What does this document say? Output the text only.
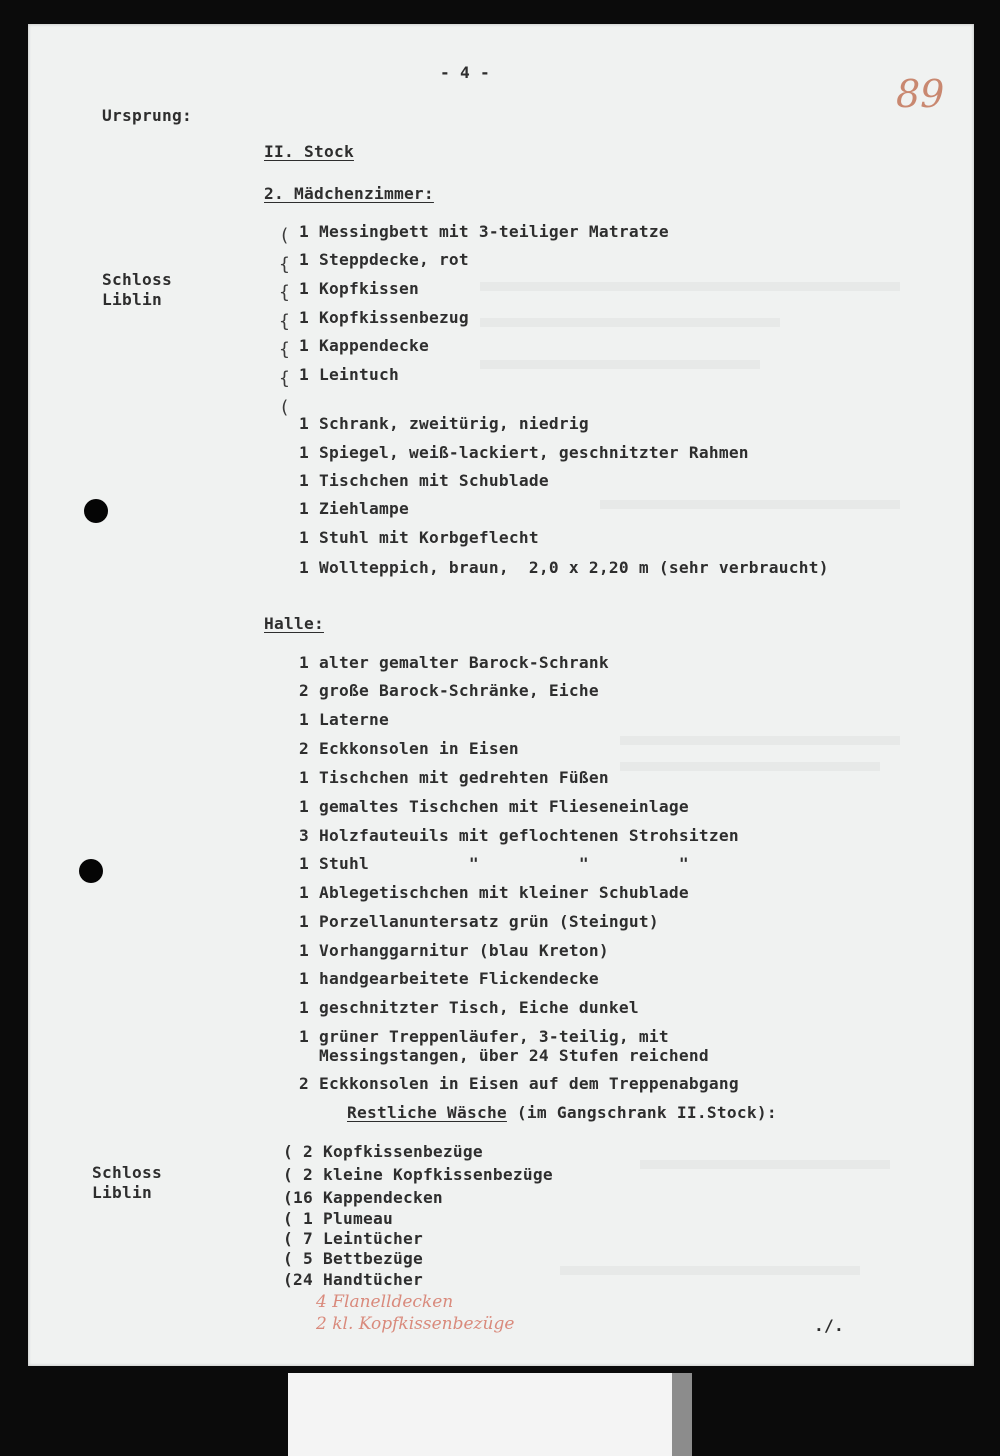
- 4 -	89
Ursprung:
II. Stock
2. Mädchenzimmer:
Schloss
Liblin
(
{
{
{
{
{
(
1 Messingbett mit 3-teiliger Matratze
1 Steppdecke, rot
1 Kopfkissen
1 Kopfkissenbezug
1 Kappendecke
1 Leintuch
1 Schrank, zweitürig, niedrig
1 Spiegel, weiß-lackiert, geschnitzter Rahmen
1 Tischchen mit Schublade
1 Ziehlampe
1 Stuhl mit Korbgeflecht
1 Wollteppich, braun,  2,0 x 2,20 m (sehr verbraucht)
Halle:
1 alter gemalter Barock-Schrank
2 große Barock-Schränke, Eiche
1 Laterne
2 Eckkonsolen in Eisen
1 Tischchen mit gedrehten Füßen
1 gemaltes Tischchen mit Flieseneinlage
3 Holzfauteuils mit geflochtenen Strohsitzen
1 Stuhl          "          "         "
1 Ablegetischchen mit kleiner Schublade
1 Porzellanuntersatz grün (Steingut)
1 Vorhanggarnitur (blau Kreton)
1 handgearbeitete Flickendecke
1 geschnitzter Tisch, Eiche dunkel
1 grüner Treppenläufer, 3-teilig, mit
Messingstangen, über 24 Stufen reichend
2 Eckkonsolen in Eisen auf dem Treppenabgang
Restliche Wäsche (im Gangschrank II.Stock):
Schloss
Liblin
( 2 Kopfkissenbezüge
( 2 kleine Kopfkissenbezüge
(16 Kappendecken
( 1 Plumeau
( 7 Leintücher
( 5 Bettbezüge
(24 Handtücher
4 Flanelldecken
2 kl. Kopfkissenbezüge	./.
